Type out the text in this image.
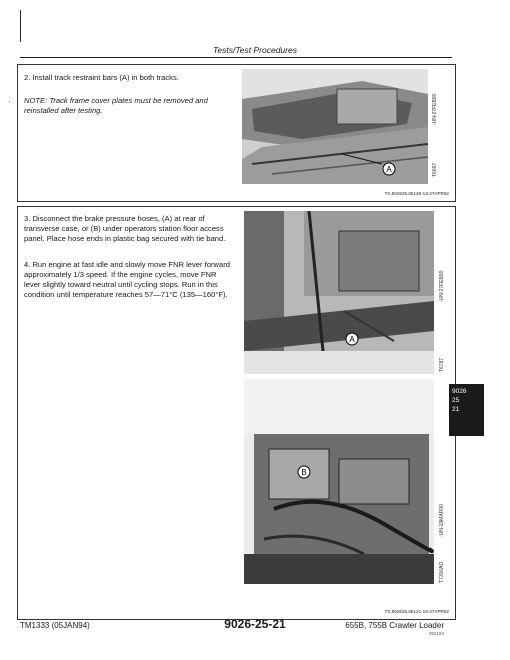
Tests/Test Procedures
2. Install track restraint bars (A) in both tracks.
NOTE: Track frame cover plates must be removed and reinstalled after testing.
A
-UN-27FEB90
T6667
TX,902625,85136-13-27APR92
·
3. Disconnect the brake pressure hoses, (A) at rear of transverse case, or (B) under operators station floor access panel. Place hose ends in plastic bag secured with tie band.
4. Run engine at fast idle and slowly move FNR lever forward approximately 1/3 speed. If the engine cycles, move FNR lever slightly toward neutral until cycling stops. Run in this condition until temperature reaches 57—71°C (135—160°F).
A
-UN-27FEB90
T6787
B
-UN-19MAR90
T7300AO
TX,902625,85121-19-27APR92
9026
25
21
TM1333 (05JAN94)	9026-25-21	655B, 755B Crawler Loader
050194
